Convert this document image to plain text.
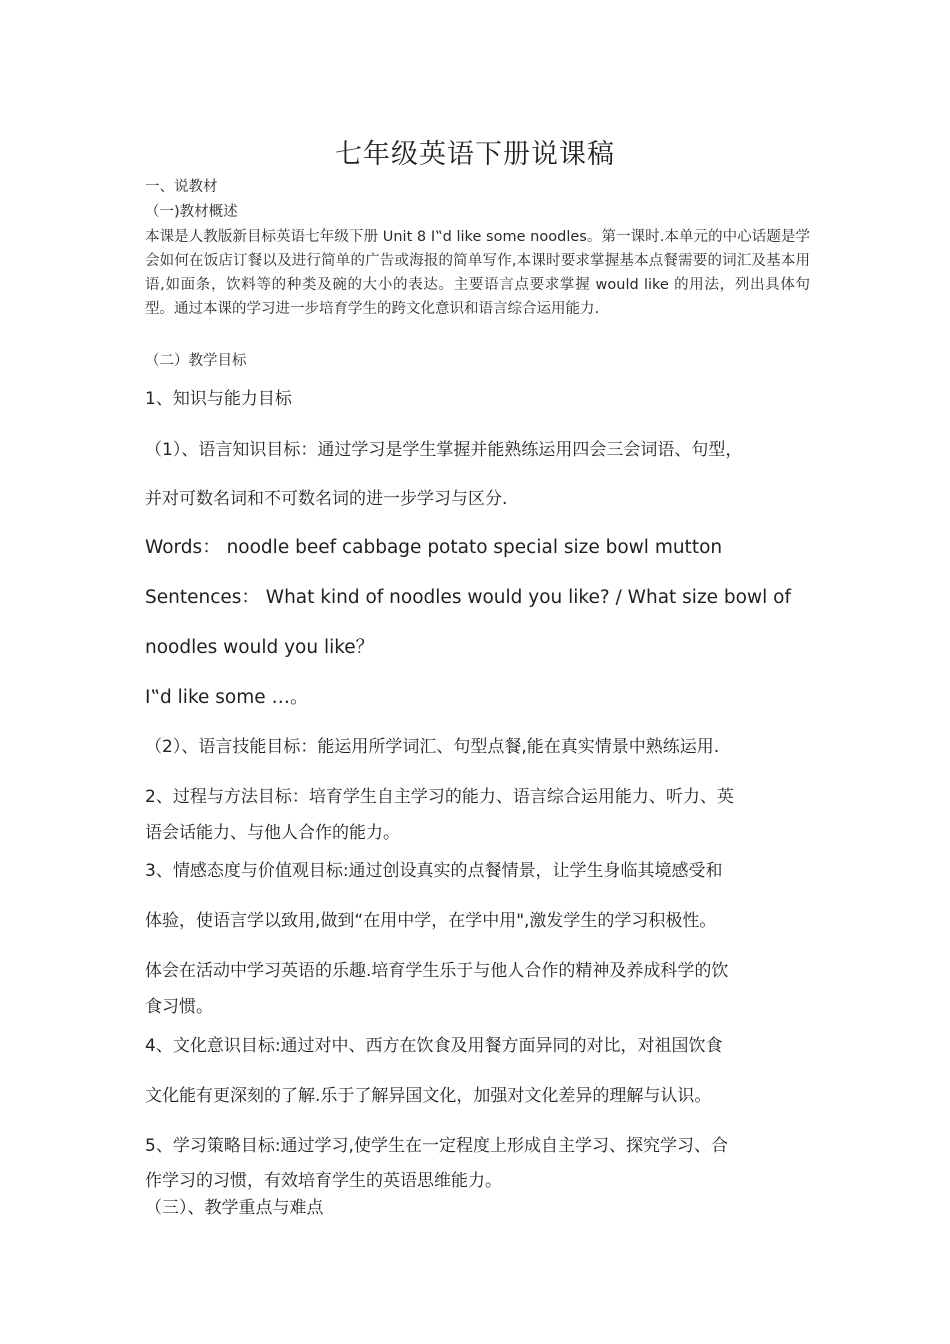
七年级英语下册说课稿

一、说教材

（一)教材概述

本课是人教版新目标英语七年级下册 Unit 8 I‟d like some noodles。第一课时.本单元的中心话题是学会如何在饭店订餐以及进行简单的广告或海报的简单写作,本课时要求掌握基本点餐需要的词汇及基本用语,如面条，饮料等的种类及碗的大小的表达。主要语言点要求掌握 would like 的用法，列出具体句型。通过本课的学习进一步培育学生的跨文化意识和语言综合运用能力.

（二）教学目标

1、知识与能力目标

（1）、语言知识目标：通过学习是学生掌握并能熟练运用四会三会词语、句型，

并对可数名词和不可数名词的进一步学习与区分.

Words： noodle beef cabbage potato special size bowl mutton

Sentences： What kind of noodles would you like? / What size bowl of

noodles would you like？

I‟d like some …。

（2）、语言技能目标：能运用所学词汇、句型点餐,能在真实情景中熟练运用.

2、过程与方法目标：培育学生自主学习的能力、语言综合运用能力、听力、英

语会话能力、与他人合作的能力。

3、情感态度与价值观目标:通过创设真实的点餐情景，让学生身临其境感受和

体验，使语言学以致用,做到“在用中学，在学中用",激发学生的学习积极性。

体会在活动中学习英语的乐趣.培育学生乐于与他人合作的精神及养成科学的饮

食习惯。

4、文化意识目标:通过对中、西方在饮食及用餐方面异同的对比，对祖国饮食

文化能有更深刻的了解.乐于了解异国文化，加强对文化差异的理解与认识。

5、学习策略目标:通过学习,使学生在一定程度上形成自主学习、探究学习、合

作学习的习惯，有效培育学生的英语思维能力。

（三）、教学重点与难点
